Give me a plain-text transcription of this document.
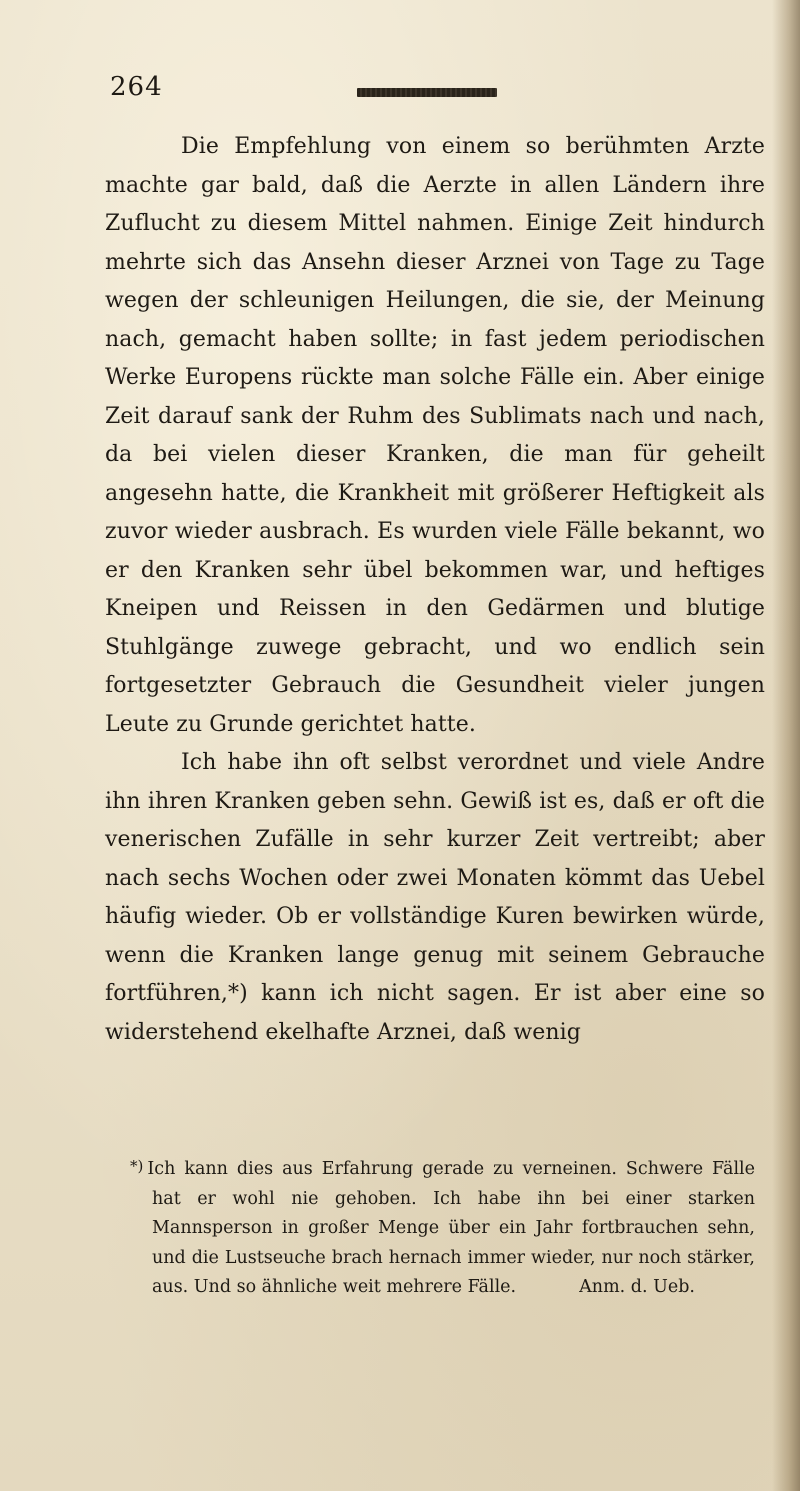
264

Die Empfehlung von einem so berühmten Arzte machte gar bald, daß die Aerzte in allen Ländern ihre Zuflucht zu diesem Mittel nahmen. Einige Zeit hindurch mehrte sich das Ansehn dieser Arznei von Tage zu Tage wegen der schleunigen Heilungen, die sie, der Meinung nach, gemacht haben sollte; in fast jedem periodischen Werke Europens rückte man solche Fälle ein. Aber einige Zeit darauf sank der Ruhm des Sublimats nach und nach, da bei vielen dieser Kranken, die man für geheilt angesehn hatte, die Krankheit mit größerer Heftigkeit als zuvor wieder ausbrach. Es wurden viele Fälle bekannt, wo er den Kranken sehr übel bekommen war, und heftiges Kneipen und Reissen in den Gedärmen und blutige Stuhlgänge zuwege gebracht, und wo endlich sein fortgesetzter Gebrauch die Gesundheit vieler jungen Leute zu Grunde gerichtet hatte.

Ich habe ihn oft selbst verordnet und viele Andre ihn ihren Kranken geben sehn. Gewiß ist es, daß er oft die venerischen Zufälle in sehr kurzer Zeit vertreibt; aber nach sechs Wochen oder zwei Monaten kömmt das Uebel häufig wieder. Ob er vollständige Kuren bewirken würde, wenn die Kranken lange genug mit seinem Gebrauche fortführen,*) kann ich nicht sagen. Er ist aber eine so widerstehend ekelhafte Arznei, daß wenig

*) Ich kann dies aus Erfahrung gerade zu verneinen. Schwere Fälle hat er wohl nie gehoben. Ich habe ihn bei einer starken Mannsperson in großer Menge über ein Jahr fortbrauchen sehn, und die Lustseuche brach hernach immer wieder, nur noch stärker, aus. Und so ähnliche weit mehrere Fälle.	Anm. d. Ueb.
